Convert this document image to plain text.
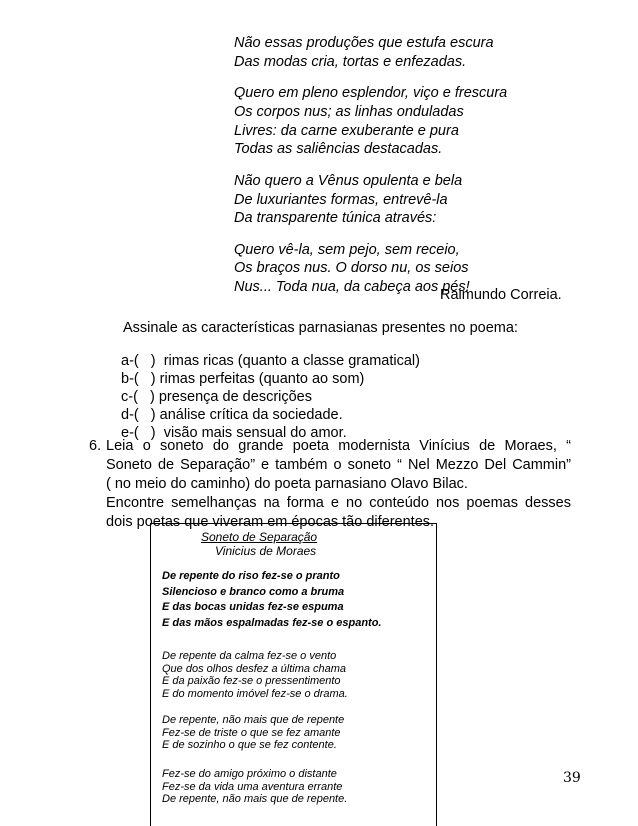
Não essas produções que estufa escura
Das modas cria, tortas e enfezadas.
Quero em pleno esplendor, viço e frescura
Os corpos nus; as linhas onduladas
Livres: da carne exuberante e pura
Todas as saliências destacadas.
Não quero a Vênus opulenta e bela
De luxuriantes formas, entrevê-la
Da transparente túnica através:
Quero vê-la, sem pejo, sem receio,
Os braços nus. O dorso nu, os seios
Nus... Toda nua, da cabeça aos pés!
Raimundo Correia.
Assinale as características parnasianas presentes no poema:
a-(   )  rimas ricas (quanto a classe gramatical)
b-(   ) rimas perfeitas (quanto ao som)
c-(   ) presença de descrições
d-(   ) análise crítica da sociedade.
e-(   )  visão mais sensual do amor.
6. Leia o soneto do grande poeta modernista Vinícius de Moraes, “

Soneto de Separação” e também o soneto “ Nel Mezzo Del Cammin”

( no meio do caminho) do poeta parnasiano Olavo Bilac.

Encontre semelhanças na forma e no conteúdo nos poemas desses

dois poetas que viveram em épocas tão diferentes.

Soneto de Separação
Vinicius de Moraes
De repente do riso fez-se o pranto
Silencioso e branco como a bruma
E das bocas unidas fez-se espuma
E das mãos espalmadas fez-se o espanto.
De repente da calma fez-se o vento
Que dos olhos desfez a última chama
E da paixão fez-se o pressentimento
E do momento imóvel fez-se o drama.
De repente, não mais que de repente
Fez-se de triste o que se fez amante
E de sozinho o que se fez contente.
Fez-se do amigo próximo o distante
Fez-se da vida uma aventura errante
De repente, não mais que de repente.
39
